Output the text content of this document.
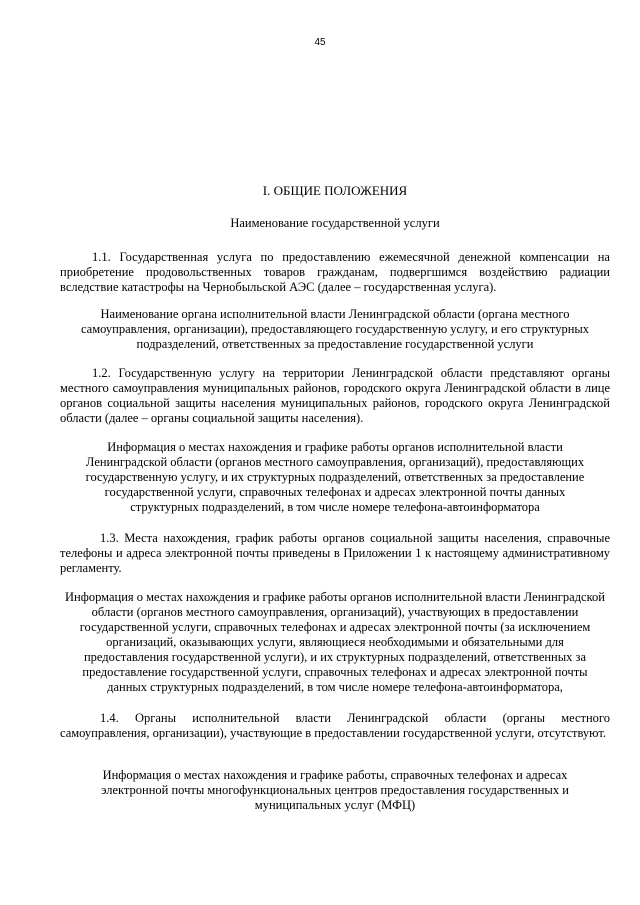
45

I. ОБЩИЕ ПОЛОЖЕНИЯ

Наименование государственной услуги

1.1. Государственная услуга по предоставлению ежемесячной денежной компенсации на приобретение продовольственных товаров гражданам, подвергшимся воздействию радиации вследствие катастрофы на Чернобыльской АЭС (далее – государственная услуга).

Наименование органа исполнительной власти Ленинградской области (органа местного самоуправления, организации), предоставляющего государственную услугу, и его структурных подразделений, ответственных за предоставление государственной услуги

1.2. Государственную услугу на территории Ленинградской области представляют органы местного самоуправления муниципальных районов, городского округа Ленинградской области в лице органов социальной защиты населения муниципальных районов, городского округа Ленинградской области (далее – органы социальной защиты населения).

Информация о местах нахождения и графике работы органов исполнительной власти Ленинградской области (органов местного самоуправления, организаций), предоставляющих государственную услугу, и их структурных подразделений, ответственных за предоставление государственной услуги, справочных телефонах и адресах электронной почты данных структурных подразделений, в том числе номере телефона-автоинформатора

1.3. Места нахождения, график работы органов социальной защиты населения, справочные телефоны и адреса электронной почты приведены в Приложении 1 к настоящему административному регламенту.

Информация о местах нахождения и графике работы органов исполнительной власти Ленинградской области (органов местного самоуправления, организаций), участвующих в предоставлении государственной услуги, справочных телефонах и адресах электронной почты (за исключением организаций, оказывающих услуги, являющиеся необходимыми и обязательными для предоставления государственной услуги), и их структурных подразделений, ответственных за предоставление государственной услуги, справочных телефонах и адресах электронной почты данных структурных подразделений, в том числе номере телефона-автоинформатора,

1.4. Органы исполнительной власти Ленинградской области (органы местного самоуправления, организации), участвующие в предоставлении государственной услуги, отсутствуют.

Информация о местах нахождения и графике работы, справочных телефонах и адресах электронной почты многофункциональных центров предоставления государственных и муниципальных услуг (МФЦ)
